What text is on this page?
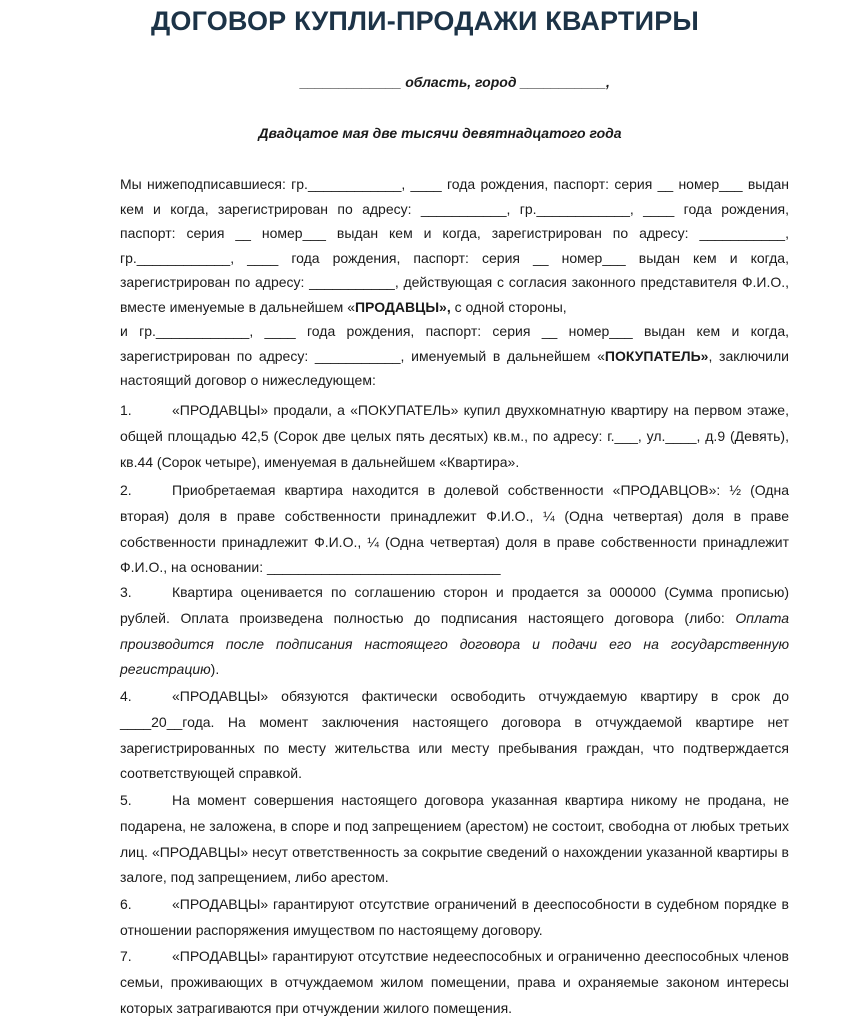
ДОГОВОР КУПЛИ-ПРОДАЖИ КВАРТИРЫ
_____________ область, город ___________,
Двадцатое мая две тысячи девятнадцатого года

Мы нижеподписавшиеся: гр.____________, ____ года рождения, паспорт: серия __ номер___ выдан кем и когда, зарегистрирован по адресу: ___________, гр.____________, ____ года рождения, паспорт: серия __ номер___ выдан кем и когда, зарегистрирован по адресу: ___________, гр.____________, ____ года рождения, паспорт: серия __ номер___ выдан кем и когда, зарегистрирован по адресу: ___________, действующая с согласия законного представителя Ф.И.О., вместе именуемые в дальнейшем «ПРОДАВЦЫ», с одной стороны,

и гр.____________, ____ года рождения, паспорт: серия __ номер___ выдан кем и когда, зарегистрирован по адресу: ___________, именуемый в дальнейшем «ПОКУПАТЕЛЬ», заключили настоящий договор о нижеследующем:

1.	«ПРОДАВЦЫ» продали, а «ПОКУПАТЕЛЬ» купил двухкомнатную квартиру на первом этаже, общей площадью 42,5 (Сорок две целых пять десятых) кв.м., по адресу: г.___, ул.____, д.9 (Девять), кв.44 (Сорок четыре), именуемая в дальнейшем «Квартира».
2.	Приобретаемая квартира находится в долевой собственности «ПРОДАВЦОВ»: ½ (Одна вторая) доля в праве собственности принадлежит Ф.И.О., ¼ (Одна четвертая) доля в праве собственности принадлежит Ф.И.О., ¼ (Одна четвертая) доля в праве собственности принадлежит Ф.И.О., на основании: ______________________________
3.	Квартира оценивается по соглашению сторон и продается за 000000 (Сумма прописью) рублей. Оплата произведена полностью до подписания настоящего договора (либо: Оплата производится после подписания настоящего договора и подачи его на государственную регистрацию).
4.	«ПРОДАВЦЫ» обязуются фактически освободить отчуждаемую квартиру в срок до ____20__года. На момент заключения настоящего договора в отчуждаемой квартире нет зарегистрированных по месту жительства или месту пребывания граждан, что подтверждается соответствующей справкой.
5.	На момент совершения настоящего договора указанная квартира никому не продана, не подарена, не заложена, в споре и под запрещением (арестом) не состоит, свободна от любых третьих лиц. «ПРОДАВЦЫ» несут ответственность за сокрытие сведений о нахождении указанной квартиры в залоге, под запрещением, либо арестом.
6.	«ПРОДАВЦЫ» гарантируют отсутствие ограничений в дееспособности в судебном порядке в отношении распоряжения имуществом по настоящему договору.
7.	«ПРОДАВЦЫ» гарантируют отсутствие недееспособных и ограниченно дееспособных членов семьи, проживающих в отчуждаемом жилом помещении, права и охраняемые законом интересы которых затрагиваются при отчуждении жилого помещения.
